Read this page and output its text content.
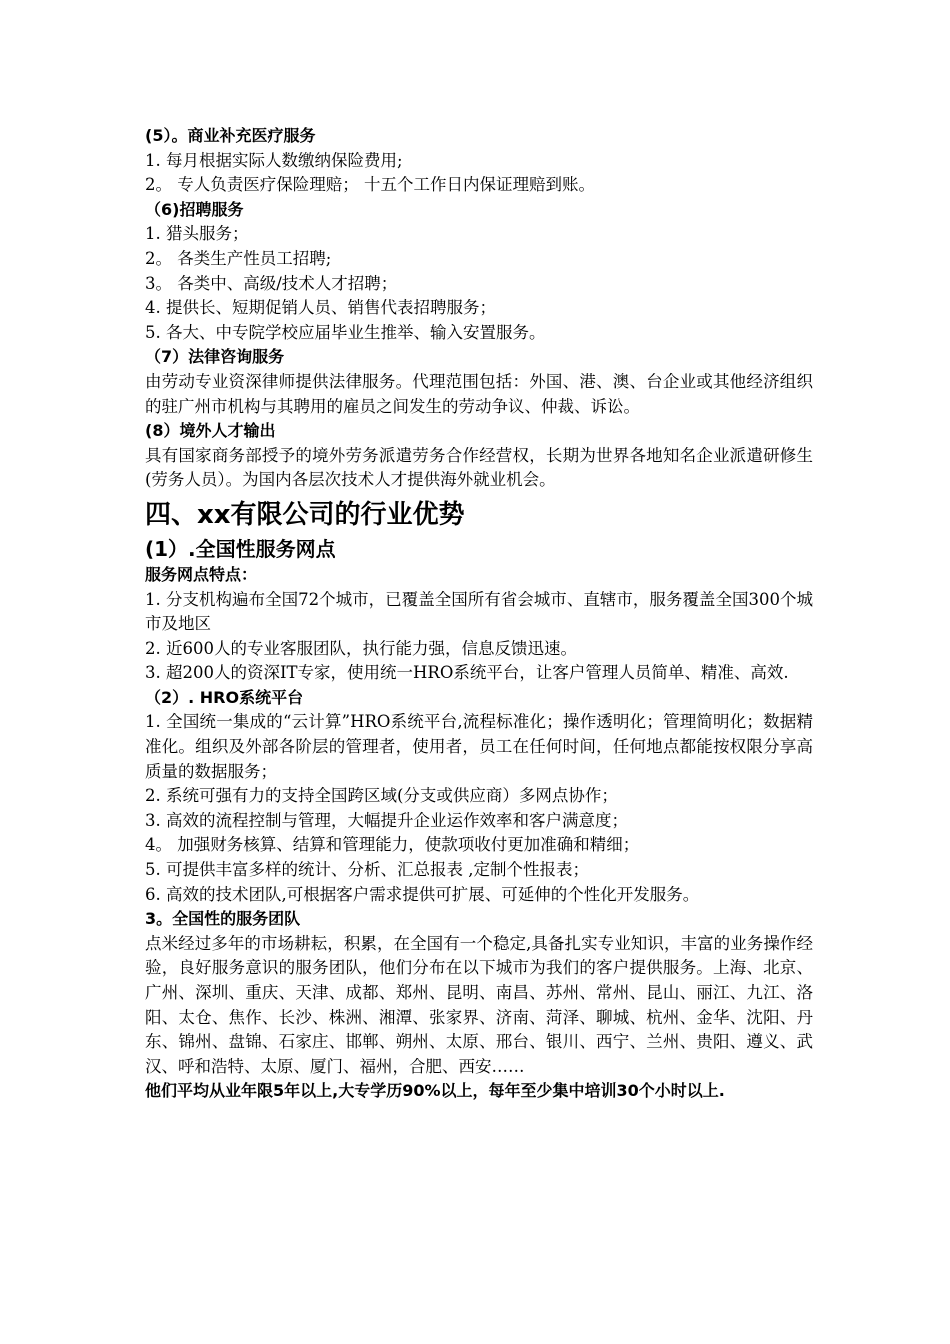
(5）。商业补充医疗服务

1. 每月根据实际人数缴纳保险费用;

2。 专人负责医疗保险理赔； 十五个工作日内保证理赔到账。

（6)招聘服务

1. 猎头服务；

2。 各类生产性员工招聘;

3。 各类中、高级/技术人才招聘；

4. 提供长、短期促销人员、销售代表招聘服务；

5. 各大、中专院学校应届毕业生推举、输入安置服务。

（7）法律咨询服务

由劳动专业资深律师提供法律服务。代理范围包括：外国、港、澳、台企业或其他经济组织的驻广州市机构与其聘用的雇员之间发生的劳动争议、仲裁、诉讼。

(8）境外人才输出

具有国家商务部授予的境外劳务派遣劳务合作经营权，长期为世界各地知名企业派遣研修生(劳务人员）。为国内各层次技术人才提供海外就业机会。

四、xx有限公司的行业优势

(1）.全国性服务网点

服务网点特点：

1. 分支机构遍布全国72个城市，已覆盖全国所有省会城市、直辖市，服务覆盖全国300个城市及地区

2. 近600人的专业客服团队，执行能力强，信息反馈迅速。

3. 超200人的资深IT专家，使用统一HRO系统平台，让客户管理人员简单、精准、高效.

（2）. HRO系统平台

1. 全国统一集成的“云计算”HRO系统平台,流程标准化；操作透明化；管理简明化；数据精准化。组织及外部各阶层的管理者，使用者，员工在任何时间，任何地点都能按权限分享高质量的数据服务；

2. 系统可强有力的支持全国跨区域(分支或供应商）多网点协作；

3. 高效的流程控制与管理，大幅提升企业运作效率和客户满意度；

4。 加强财务核算、结算和管理能力，使款项收付更加准确和精细；

5. 可提供丰富多样的统计、分析、汇总报表 ,定制个性报表；

6. 高效的技术团队,可根据客户需求提供可扩展、可延伸的个性化开发服务。

3。全国性的服务团队

点米经过多年的市场耕耘，积累，在全国有一个稳定,具备扎实专业知识，丰富的业务操作经验，良好服务意识的服务团队，他们分布在以下城市为我们的客户提供服务。上海、北京、广州、深圳、重庆、天津、成都、郑州、昆明、南昌、苏州、常州、昆山、丽江、九江、洛阳、太仓、焦作、长沙、株洲、湘潭、张家界、济南、菏泽、聊城、杭州、金华、沈阳、丹东、锦州、盘锦、石家庄、邯郸、朔州、太原、邢台、银川、西宁、兰州、贵阳、遵义、武汉、呼和浩特、太原、厦门、福州，合肥、西安……

他们平均从业年限5年以上,大专学历90%以上，每年至少集中培训30个小时以上.
